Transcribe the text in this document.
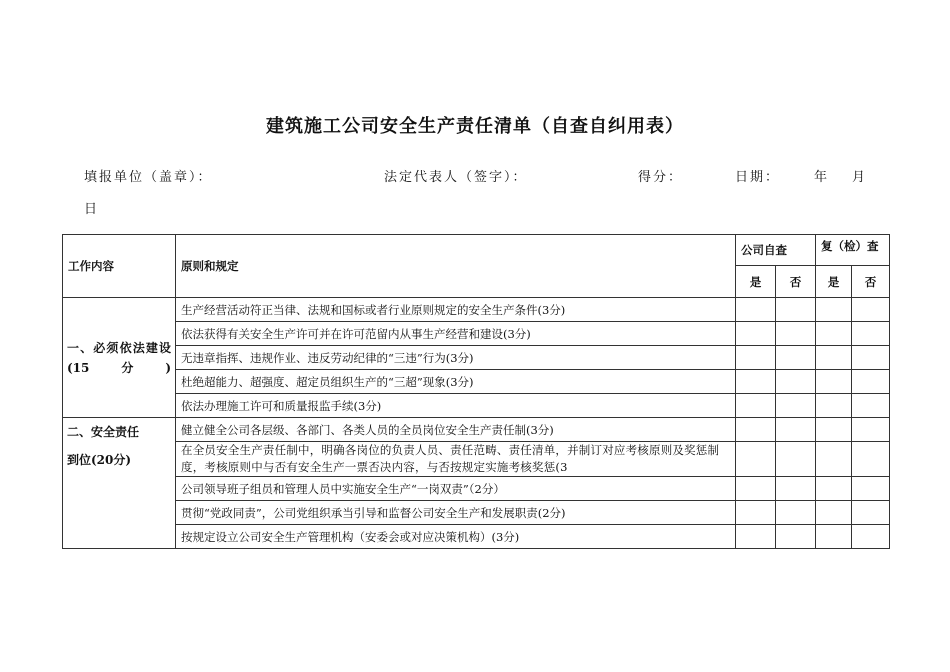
建筑施工公司安全生产责任清单（自查自纠用表）
填报单位（盖章）：	法定代表人（签字）：	得分：	日期：	年 月
日
工作内容	原则和规定	公司自查		复（检）查	

		是	否	是	否

一、必须依法建设(15分)	生产经营活动符正当律、法规和国标或者行业原则规定的安全生产条件(3分)				
	依法获得有关安全生产许可并在许可范留内从事生产经营和建设(3分)				
	无违章指挥、违规作业、违反劳动纪律的“三违”行为(3分)				
	杜绝超能力、超强度、超定员组织生产的“三超”现象(3分)				
	依法办理施工许可和质量报监手续(3分)				

二、安全责任
到位(20分)	健立健全公司各层级、各部门、各类人员的全员岗位安全生产责任制(3分)				

	在全员安全生产责任制中，明确各岗位的负责人员、责任范畴、责任清单，并制订对应考核原则及奖惩制度，考核原则中与否有安全生产一票否决内容，与否按规定实施考核奖惩(3				

	公司领导班子组员和管理人员中实施安全生产“一岗双责”（2分）				
	贯彻“党政同责”，公司党组织承当引导和监督公司安全生产和发展职责(2分)				
	按规定设立公司安全生产管理机构（安委会或对应决策机构）(3分)				
